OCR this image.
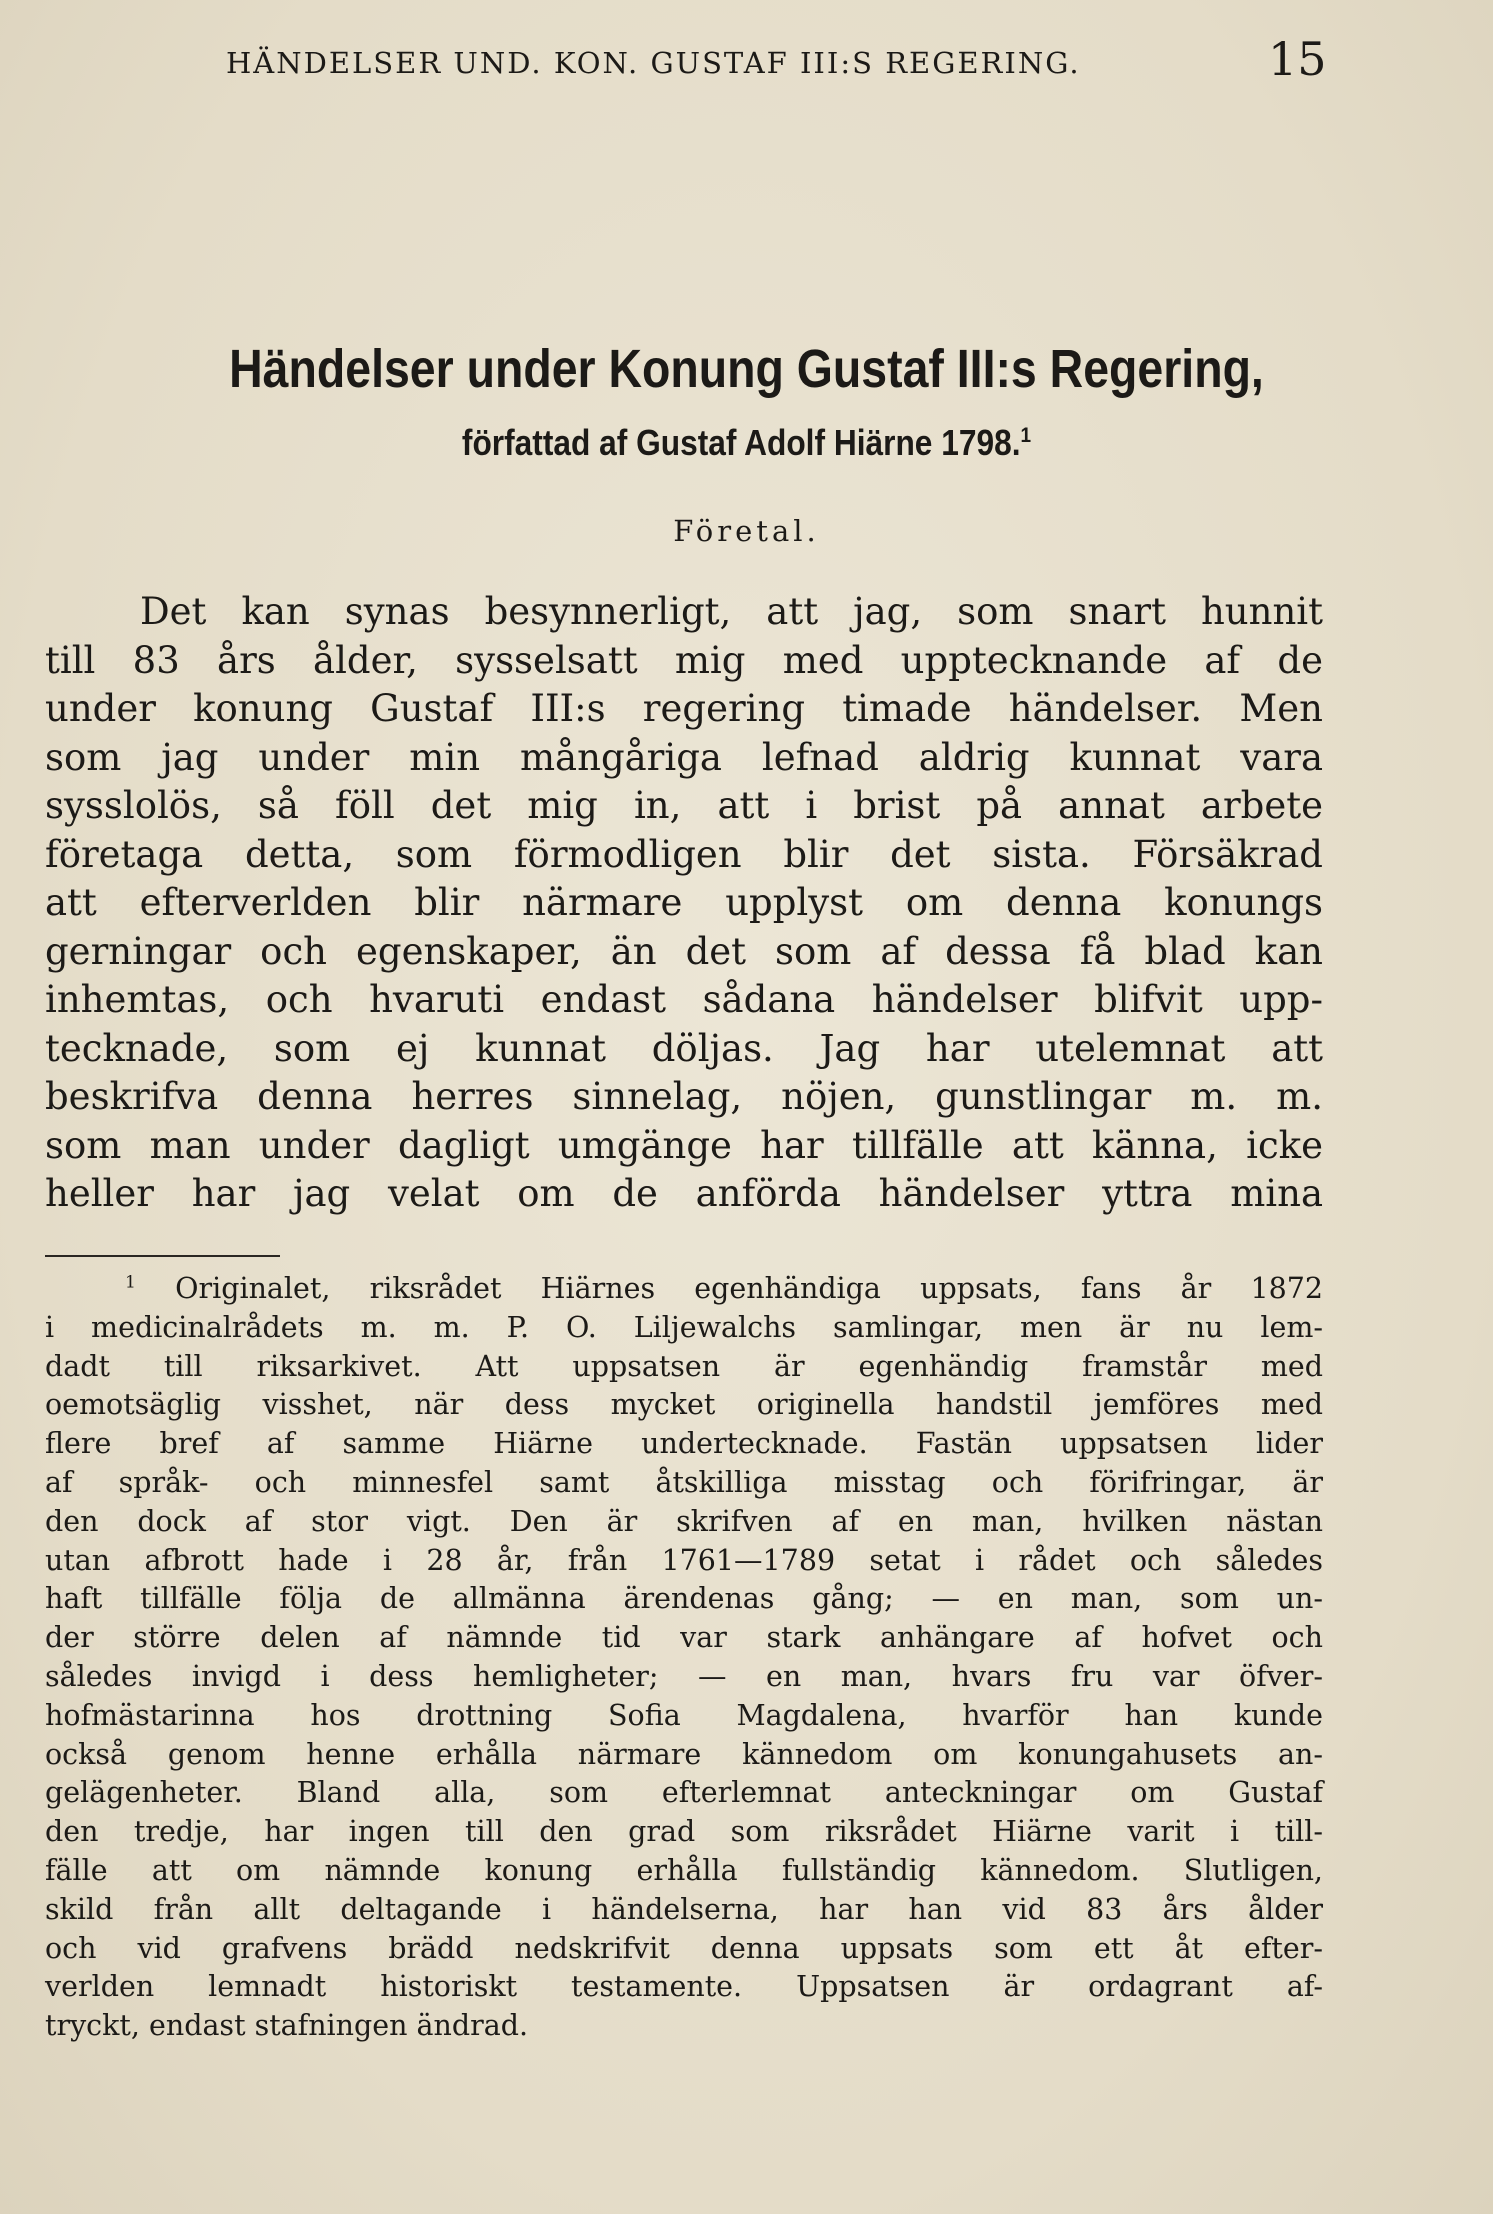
HÄNDELSER UND. KON. GUSTAF III:S REGERING.	15
Händelser under Konung Gustaf III:s Regering,
författad af Gustaf Adolf Hiärne 1798.$^1$
Företal.
Det kan synas besynnerligt, att jag, som snart hunnit
till 83 års ålder, sysselsatt mig med upptecknande af de
under konung Gustaf III:s regering timade händelser. Men
som jag under min mångåriga lefnad aldrig kunnat vara
sysslolös, så föll det mig in, att i brist på annat arbete
företaga detta, som förmodligen blir det sista. Försäkrad
att efterverlden blir närmare upplyst om denna konungs
gerningar och egenskaper, än det som af dessa få blad kan
inhemtas, och hvaruti endast sådana händelser blifvit upp-
tecknade, som ej kunnat döljas. Jag har utelemnat att
beskrifva denna herres sinnelag, nöjen, gunstlingar m. m.
som man under dagligt umgänge har tillfälle att känna, icke
heller har jag velat om de anförda händelser yttra mina
$^1$ Originalet, riksrådet Hiärnes egenhändiga uppsats, fans år 1872
i medicinalrådets m. m. P. O. Liljewalchs samlingar, men är nu lem-
dadt till riksarkivet. Att uppsatsen är egenhändig framstår med
oemotsäglig visshet, när dess mycket originella handstil jemföres med
flere bref af samme Hiärne undertecknade. Fastän uppsatsen lider
af språk- och minnesfel samt åtskilliga misstag och förifringar, är
den dock af stor vigt. Den är skrifven af en man, hvilken nästan
utan afbrott hade i 28 år, från 1761—1789 setat i rådet och således
haft tillfälle följa de allmänna ärendenas gång; — en man, som un-
der större delen af nämnde tid var stark anhängare af hofvet och
således invigd i dess hemligheter; — en man, hvars fru var öfver-
hofmästarinna hos drottning Sofia Magdalena, hvarför han kunde
också genom henne erhålla närmare kännedom om konungahusets an-
gelägenheter. Bland alla, som efterlemnat anteckningar om Gustaf
den tredje, har ingen till den grad som riksrådet Hiärne varit i till-
fälle att om nämnde konung erhålla fullständig kännedom. Slutligen,
skild från allt deltagande i händelserna, har han vid 83 års ålder
och vid grafvens brädd nedskrifvit denna uppsats som ett åt efter-
verlden lemnadt historiskt testamente. Uppsatsen är ordagrant af-
tryckt, endast stafningen ändrad.
